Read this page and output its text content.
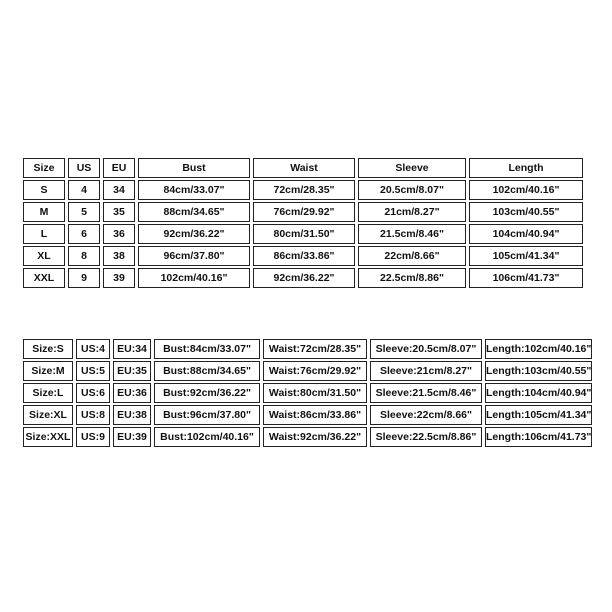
Size	US	EU	Bust	Waist	Sleeve	Length
S	4	34	84cm/33.07"	72cm/28.35"	20.5cm/8.07"	102cm/40.16"
M	5	35	88cm/34.65"	76cm/29.92"	21cm/8.27"	103cm/40.55"
L	6	36	92cm/36.22"	80cm/31.50"	21.5cm/8.46"	104cm/40.94"
XL	8	38	96cm/37.80"	86cm/33.86"	22cm/8.66"	105cm/41.34"
XXL	9	39	102cm/40.16"	92cm/36.22"	22.5cm/8.86"	106cm/41.73"
Size:S	US:4	EU:34	Bust:84cm/33.07"	Waist:72cm/28.35"	Sleeve:20.5cm/8.07"	Length:102cm/40.16"
Size:M	US:5	EU:35	Bust:88cm/34.65"	Waist:76cm/29.92"	Sleeve:21cm/8.27"	Length:103cm/40.55"
Size:L	US:6	EU:36	Bust:92cm/36.22"	Waist:80cm/31.50"	Sleeve:21.5cm/8.46"	Length:104cm/40.94"
Size:XL	US:8	EU:38	Bust:96cm/37.80"	Waist:86cm/33.86"	Sleeve:22cm/8.66"	Length:105cm/41.34"
Size:XXL	US:9	EU:39	Bust:102cm/40.16"	Waist:92cm/36.22"	Sleeve:22.5cm/8.86"	Length:106cm/41.73"
